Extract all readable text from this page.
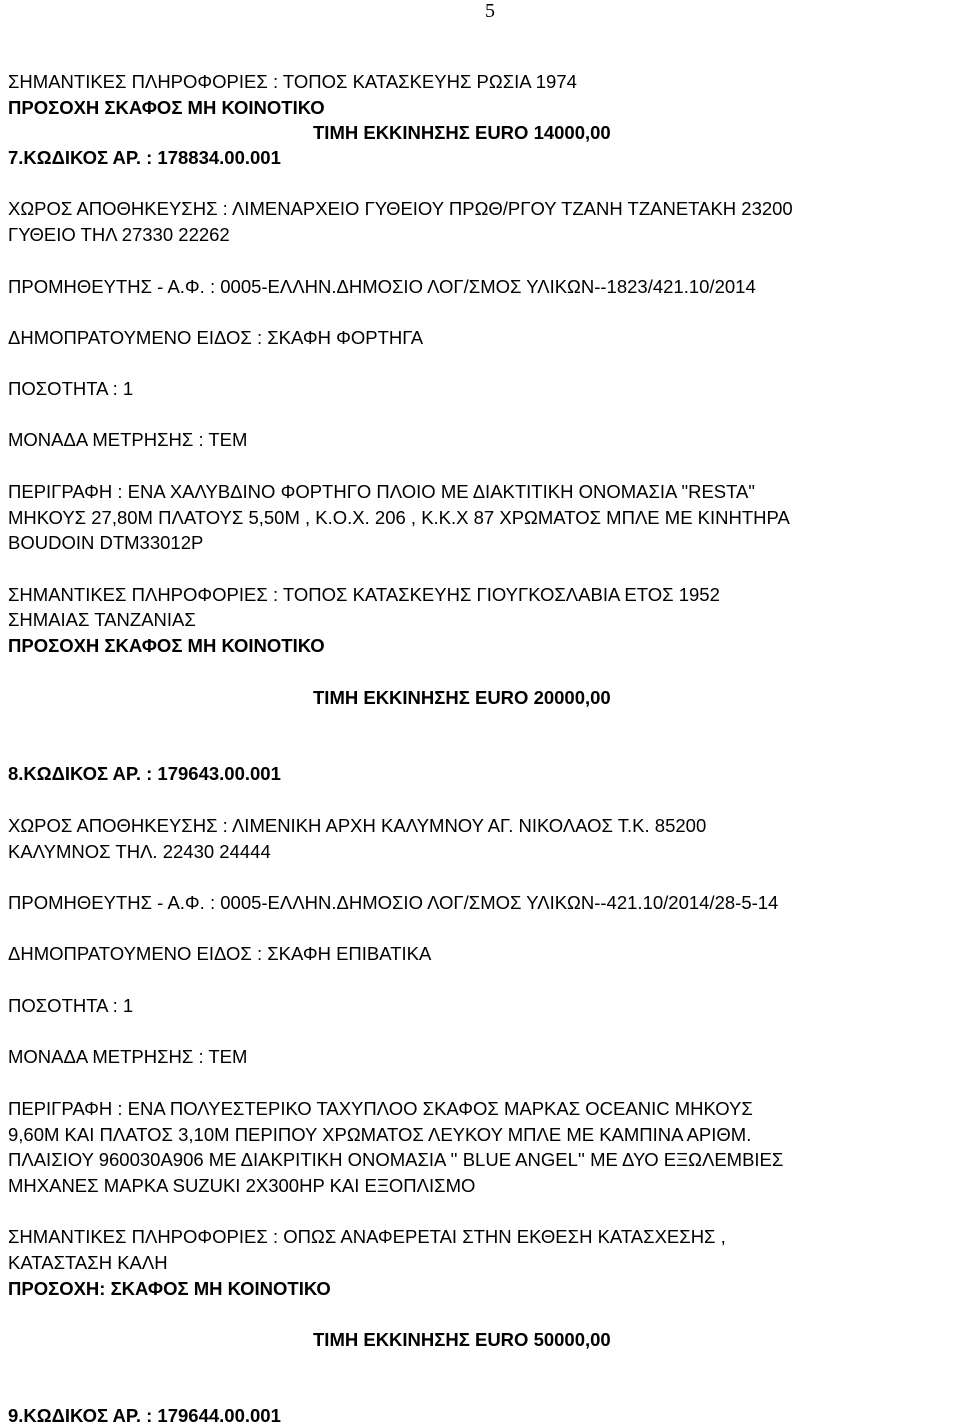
5
ΣΗΜΑΝΤΙΚΕΣ ΠΛΗΡΟΦΟΡΙΕΣ : ΤΟΠΟΣ ΚΑΤΑΣΚΕΥΗΣ ΡΩΣΙΑ 1974
ΠΡΟΣΟΧΗ ΣΚΑΦΟΣ ΜΗ ΚΟΙΝΟΤΙΚΟ
ΤΙΜΗ ΕΚΚΙΝΗΣΗΣ EURO 14000,00
7.ΚΩΔΙΚΟΣ ΑΡ. : 178834.00.001
ΧΩΡΟΣ ΑΠΟΘΗΚΕΥΣΗΣ : ΛΙΜΕΝΑΡΧΕΙΟ ΓΥΘΕΙΟΥ ΠΡΩΘ/ΡΓΟΥ ΤΖΑΝΗ ΤΖΑΝΕΤΑΚΗ 23200
ΓΥΘΕΙΟ ΤΗΛ 27330 22262
ΠΡΟΜΗΘΕΥΤΗΣ - Α.Φ. : 0005-ΕΛΛΗΝ.ΔΗΜΟΣΙΟ ΛΟΓ/ΣΜΟΣ ΥΛΙΚΩΝ--1823/421.10/2014
ΔΗΜΟΠΡΑΤΟΥΜΕΝΟ ΕΙΔΟΣ : ΣΚΑΦΗ ΦΟΡΤΗΓΑ
ΠΟΣΟΤΗΤΑ : 1
ΜΟΝΑΔΑ ΜΕΤΡΗΣΗΣ : ΤΕΜ
ΠΕΡΙΓΡΑΦΗ : ΕΝΑ ΧΑΛΥΒΔΙΝΟ ΦΟΡΤΗΓΟ ΠΛΟΙΟ ΜΕ ΔΙΑΚΤΙΤΙΚΗ ΟΝΟΜΑΣΙΑ "RESTA"
ΜΗΚΟΥΣ 27,80Μ ΠΛΑΤΟΥΣ 5,50Μ , Κ.Ο.Χ. 206 , Κ.Κ.Χ 87 ΧΡΩΜΑΤΟΣ ΜΠΛΕ ΜΕ ΚΙΝΗΤΗΡΑ
BOUDOIN DTM33012P
ΣΗΜΑΝΤΙΚΕΣ ΠΛΗΡΟΦΟΡΙΕΣ : ΤΟΠΟΣ ΚΑΤΑΣΚΕΥΗΣ ΓΙΟΥΓΚΟΣΛΑΒΙΑ ΕΤΟΣ 1952
ΣΗΜΑΙΑΣ ΤΑΝΖΑΝΙΑΣ
ΠΡΟΣΟΧΗ ΣΚΑΦΟΣ ΜΗ ΚΟΙΝΟΤΙΚΟ
ΤΙΜΗ ΕΚΚΙΝΗΣΗΣ EURO 20000,00
8.ΚΩΔΙΚΟΣ ΑΡ. : 179643.00.001
ΧΩΡΟΣ ΑΠΟΘΗΚΕΥΣΗΣ : ΛΙΜΕΝΙΚΗ ΑΡΧΗ ΚΑΛΥΜΝΟΥ ΑΓ. ΝΙΚΟΛΑΟΣ Τ.Κ. 85200
ΚΑΛΥΜΝΟΣ ΤΗΛ. 22430 24444
ΠΡΟΜΗΘΕΥΤΗΣ - Α.Φ. : 0005-ΕΛΛΗΝ.ΔΗΜΟΣΙΟ ΛΟΓ/ΣΜΟΣ ΥΛΙΚΩΝ--421.10/2014/28-5-14
ΔΗΜΟΠΡΑΤΟΥΜΕΝΟ ΕΙΔΟΣ : ΣΚΑΦΗ ΕΠΙΒΑΤΙΚΑ
ΠΟΣΟΤΗΤΑ : 1
ΜΟΝΑΔΑ ΜΕΤΡΗΣΗΣ : ΤΕΜ
ΠΕΡΙΓΡΑΦΗ : ΕΝΑ ΠΟΛΥΕΣΤΕΡΙΚΟ ΤΑΧΥΠΛΟΟ ΣΚΑΦΟΣ ΜΑΡΚΑΣ OCEANIC ΜΗΚΟΥΣ
9,60Μ ΚΑΙ ΠΛΑΤΟΣ 3,10Μ ΠΕΡΙΠΟΥ ΧΡΩΜΑΤΟΣ ΛΕΥΚΟΥ ΜΠΛΕ ΜΕ ΚΑΜΠΙΝΑ ΑΡΙΘΜ.
ΠΛΑΙΣΙΟΥ 960030Α906 ΜΕ ΔΙΑΚΡΙΤΙΚΗ ΟΝΟΜΑΣΙΑ '' BLUE ANGEL'' ΜΕ ΔΥΟ ΕΞΩΛΕΜΒΙΕΣ
ΜΗΧΑΝΕΣ ΜΑΡΚΑ SUZUKI 2Χ300HP ΚΑΙ ΕΞΟΠΛΙΣΜΟ
ΣΗΜΑΝΤΙΚΕΣ ΠΛΗΡΟΦΟΡΙΕΣ : ΟΠΩΣ ΑΝΑΦΕΡΕΤΑΙ ΣΤΗΝ ΕΚΘΕΣΗ ΚΑΤΑΣΧΕΣΗΣ ,
ΚΑΤΑΣΤΑΣΗ ΚΑΛΗ
ΠΡΟΣΟΧΗ: ΣΚΑΦΟΣ ΜΗ ΚΟΙΝΟΤΙΚΟ
ΤΙΜΗ ΕΚΚΙΝΗΣΗΣ EURO 50000,00
9.ΚΩΔΙΚΟΣ ΑΡ. : 179644.00.001
